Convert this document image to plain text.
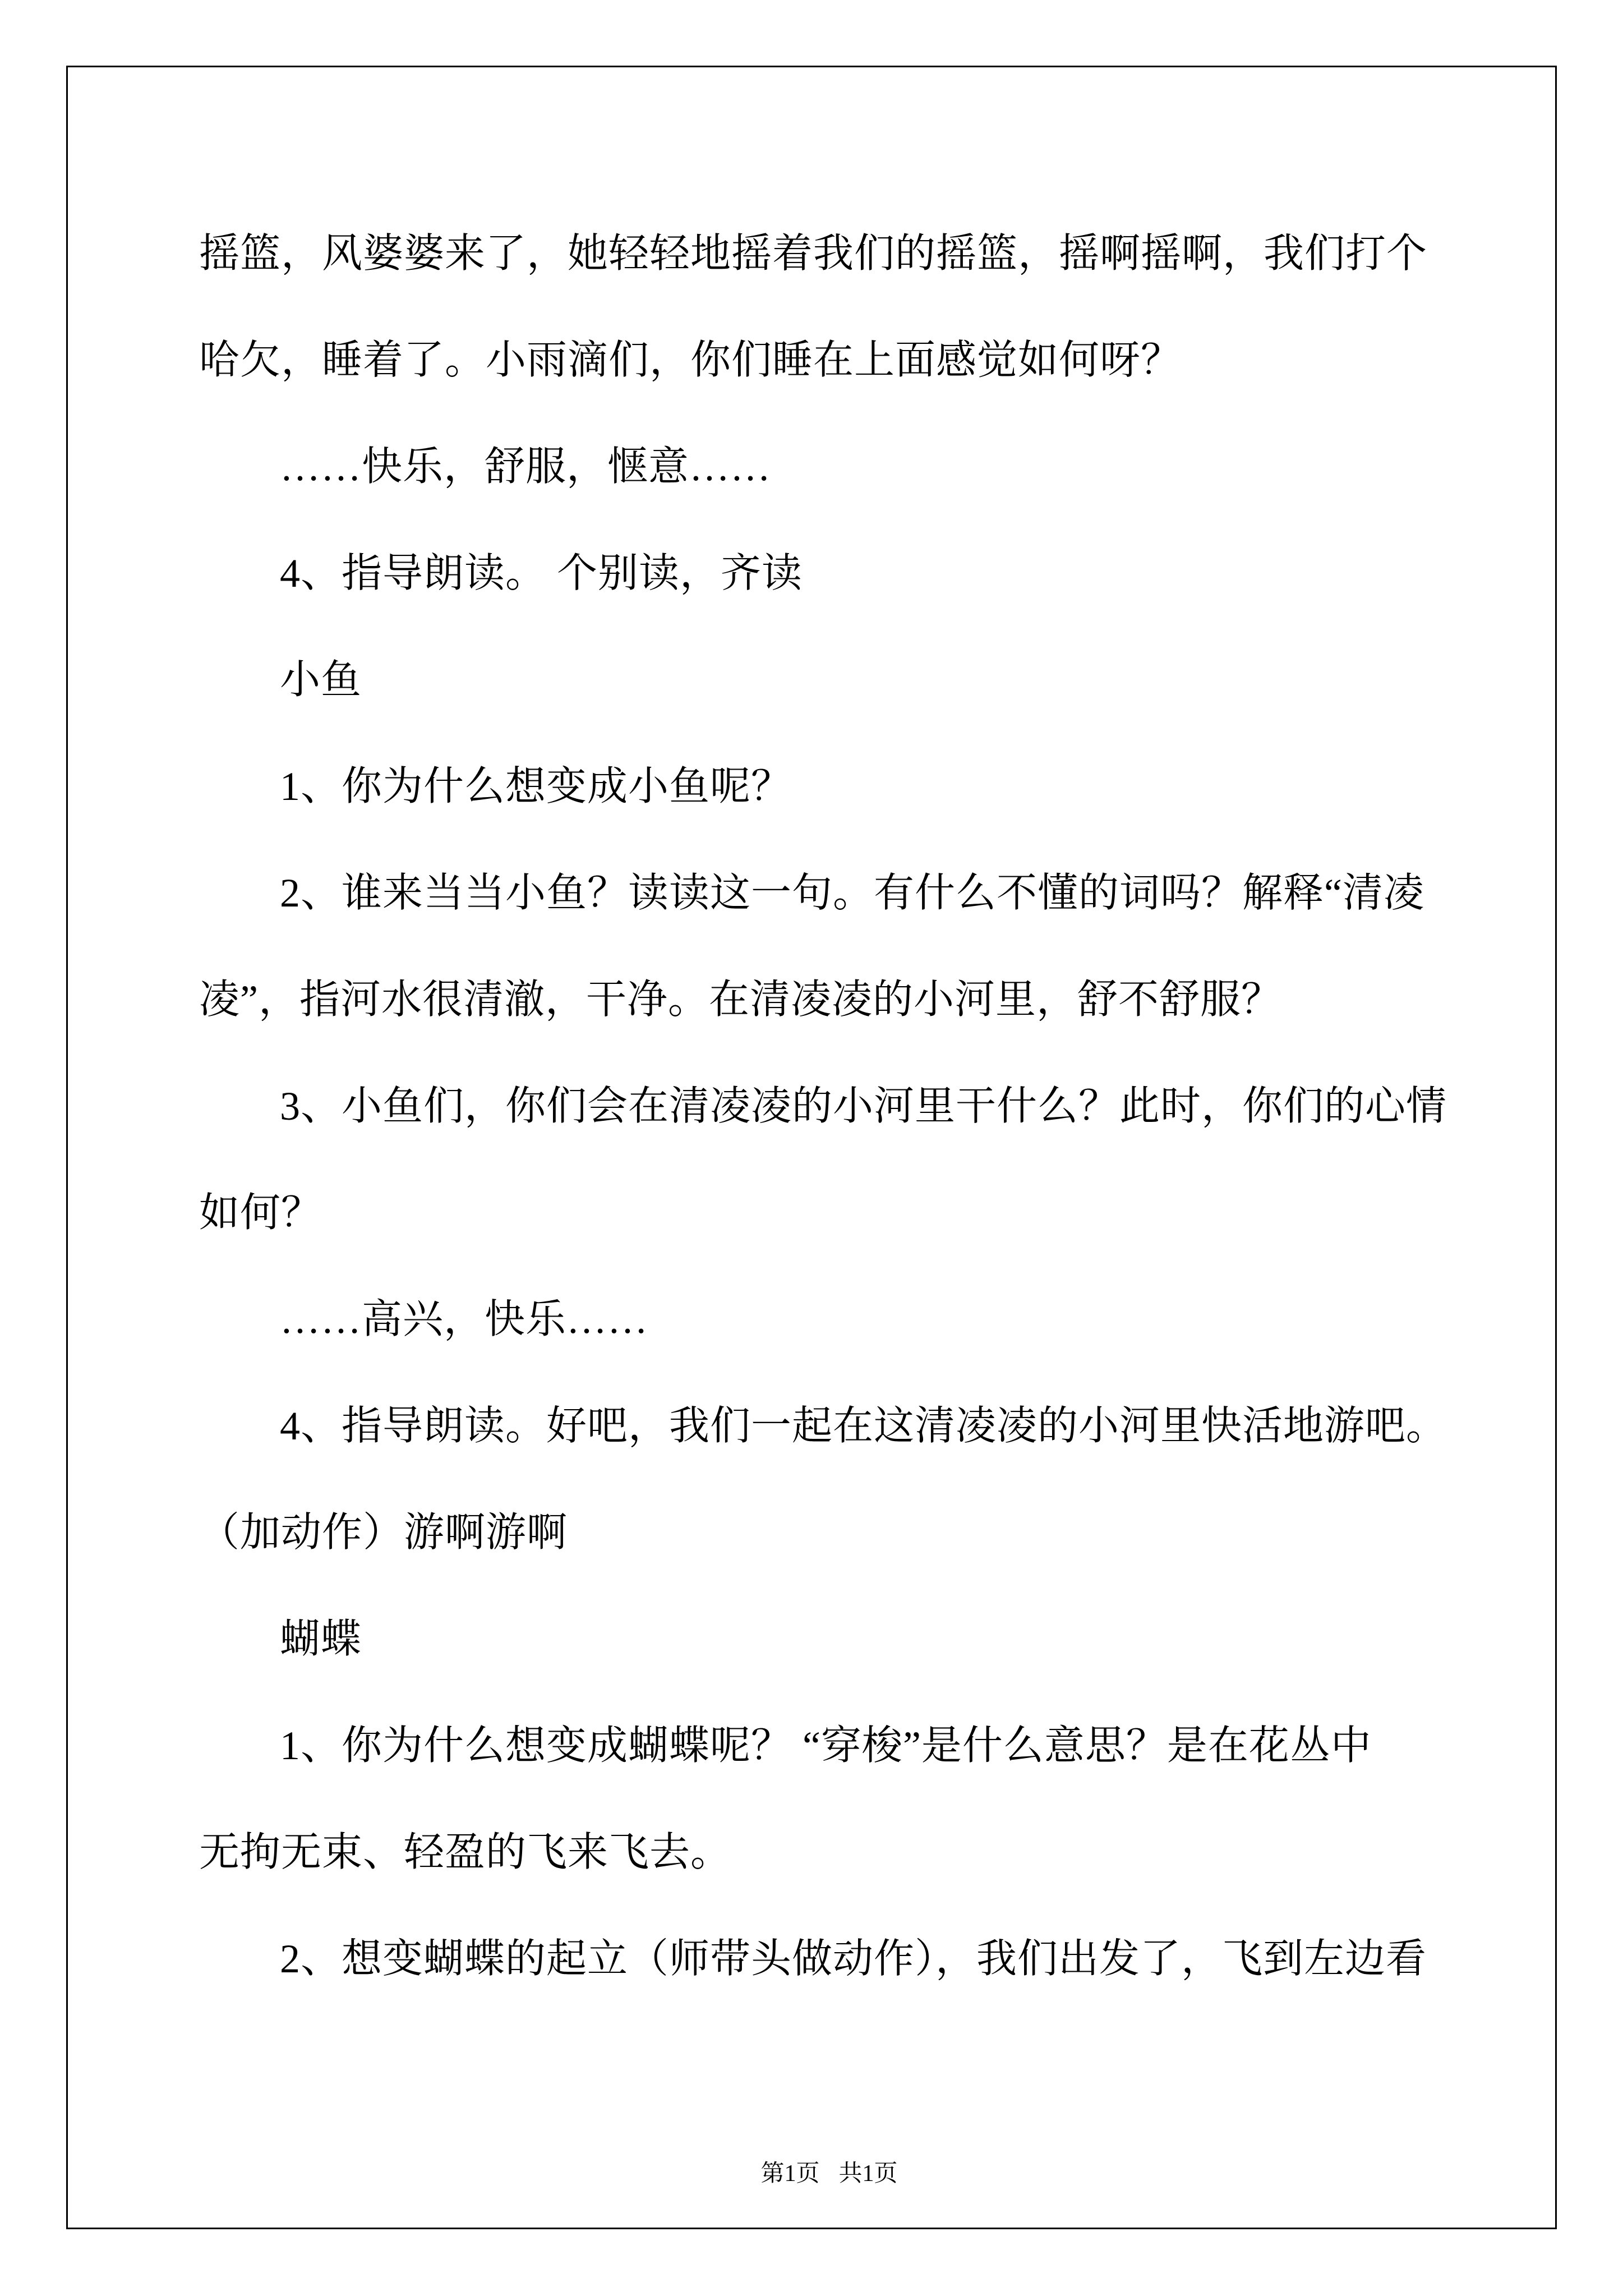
摇篮，风婆婆来了，她轻轻地摇着我们的摇篮，摇啊摇啊，我们打个
哈欠，睡着了。小雨滴们，你们睡在上面感觉如何呀？
……快乐，舒服，惬意……
4、指导朗读。 个别读，齐读
小鱼
1、你为什么想变成小鱼呢？
2、谁来当当小鱼？读读这一句。有什么不懂的词吗？解释“清凌
凌”，指河水很清澈，干净。在清凌凌的小河里，舒不舒服？
3、小鱼们，你们会在清凌凌的小河里干什么？此时，你们的心情
如何？
……高兴，快乐……
4、指导朗读。好吧，我们一起在这清凌凌的小河里快活地游吧。
（加动作）游啊游啊
蝴蝶
1、你为什么想变成蝴蝶呢？ “穿梭”是什么意思？是在花丛中
无拘无束、轻盈的飞来飞去。
2、想变蝴蝶的起立（师带头做动作），我们出发了，飞到左边看

第1页 共1页
